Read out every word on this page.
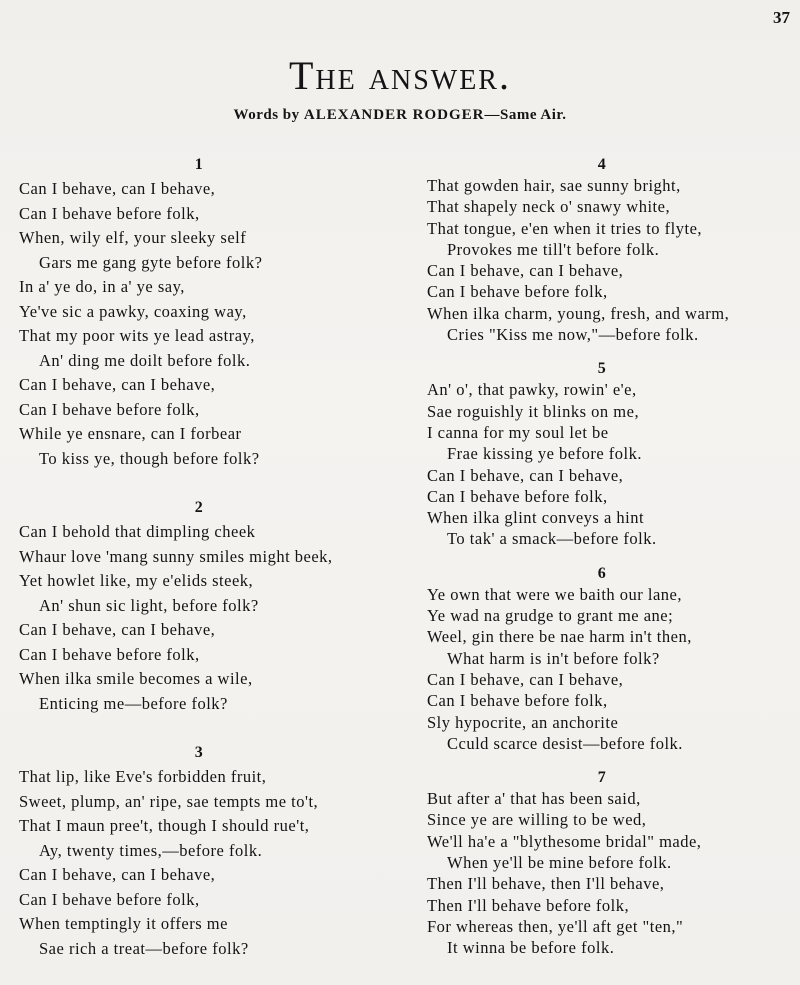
37
The answer.
Words by ALEXANDER RODGER—Same Air.
1
Can I behave, can I behave,
Can I behave before folk,
When, wily elf, your sleeky self
Gars me gang gyte before folk?
In a' ye do, in a' ye say,
Ye've sic a pawky, coaxing way,
That my poor wits ye lead astray,
An' ding me doilt before folk.
Can I behave, can I behave,
Can I behave before folk,
While ye ensnare, can I forbear
To kiss ye, though before folk?
2
Can I behold that dimpling cheek
Whaur love 'mang sunny smiles might beek,
Yet howlet like, my e'elids steek,
An' shun sic light, before folk?
Can I behave, can I behave,
Can I behave before folk,
When ilka smile becomes a wile,
Enticing me—before folk?
3
That lip, like Eve's forbidden fruit,
Sweet, plump, an' ripe, sae tempts me to't,
That I maun pree't, though I should rue't,
Ay, twenty times,—before folk.
Can I behave, can I behave,
Can I behave before folk,
When temptingly it offers me
Sae rich a treat—before folk?
4
That gowden hair, sae sunny bright,
That shapely neck o' snawy white,
That tongue, e'en when it tries to flyte,
Provokes me till't before folk.
Can I behave, can I behave,
Can I behave before folk,
When ilka charm, young, fresh, and warm,
Cries "Kiss me now,"—before folk.
5
An' o', that pawky, rowin' e'e,
Sae roguishly it blinks on me,
I canna for my soul let be
Frae kissing ye before folk.
Can I behave, can I behave,
Can I behave before folk,
When ilka glint conveys a hint
To tak' a smack—before folk.
6
Ye own that were we baith our lane,
Ye wad na grudge to grant me ane;
Weel, gin there be nae harm in't then,
What harm is in't before folk?
Can I behave, can I behave,
Can I behave before folk,
Sly hypocrite, an anchorite
Cculd scarce desist—before folk.
7
But after a' that has been said,
Since ye are willing to be wed,
We'll ha'e a "blythesome bridal" made,
When ye'll be mine before folk.
Then I'll behave, then I'll behave,
Then I'll behave before folk,
For whereas then, ye'll aft get "ten,"
It winna be before folk.
